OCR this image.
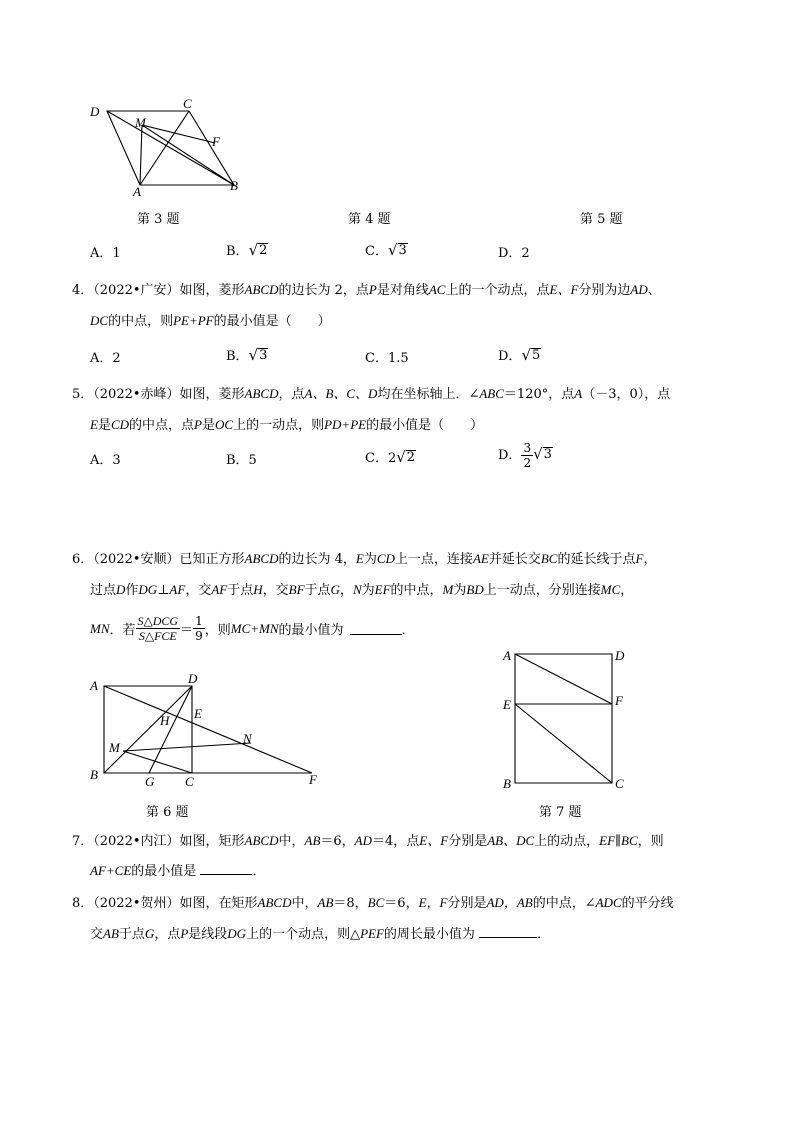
D
C
M
F
A	B
第 3 题	第 4 题	第 5 题
A．1	B． √ 2	C． √ 3	D．2
4．（2022•广安）如图，菱形ABCD的边长为 2，点P是对角线AC上的一个动点，点E、F分别为边AD、
DC的中点，则PE+PF的最小值是（　　）
A．2	B． √ 3	C．1.5	D． √ 5
5．（2022•赤峰）如图，菱形ABCD，点A、B、C、D均在坐标轴上．∠ABC＝120°，点A（－3，0），点
E是CD的中点，点P是OC上的一动点，则PD+PE的最小值是（　　）
A．3	B．5	C．2 √ 2	D． $\frac{3}{2}$ √ 3
6．（2022•安顺）已知正方形ABCD的边长为 4，E为CD上一点，连接AE并延长交BC的延长线于点F，
过点D作DG⊥AF，交AF于点H，交BF于点G，N为EF的中点，M为BD上一动点，分别连接MC，
MN ．若 $\frac{\text{S△DCG}}{\text{S△FCE}} = \frac{1}{9}$ ，则 MC+MN 的最小值为	．
A	D
H E
M
N
B	G C	F
第 6 题
A	D
E	F
B	C
第 7 题
7．（2022•内江）如图，矩形ABCD中，AB＝6，AD＝4，点E、F分别是AB、DC上的动点，EF∥BC，则
AF+CE的最小值是	．
8．（2022•贺州）如图，在矩形ABCD中，AB＝8，BC＝6，E，F分别是AD，AB的中点，∠ADC的平分线
交AB于点G，点P是线段DG上的一个动点，则△PEF的周长最小值为	．
